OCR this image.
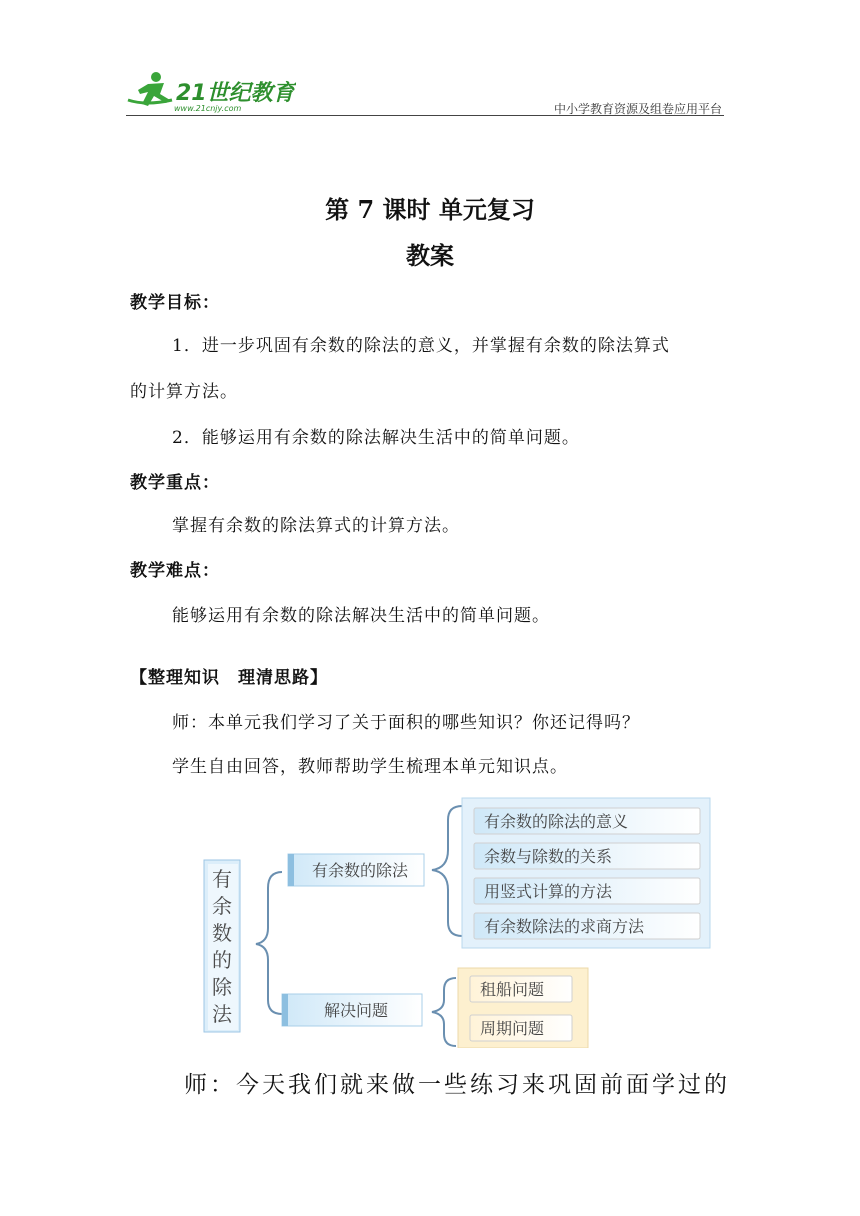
21世纪教育
www.21cnjy.com	中小学教育资源及组卷应用平台
第 7 课时 单元复习
教案
教学目标：
1．进一步巩固有余数的除法的意义，并掌握有余数的除法算式
的计算方法。
2．能够运用有余数的除法解决生活中的简单问题。
教学重点：
掌握有余数的除法算式的计算方法。
教学难点：
能够运用有余数的除法解决生活中的简单问题。
【整理知识　理清思路】
师：本单元我们学习了关于面积的哪些知识？你还记得吗？
学生自由回答，教师帮助学生梳理本单元知识点。
有余数的除法
有余数的除法
有余数的除法的意义
余数与除数的关系
用竖式计算的方法
有余数除法的求商方法
解决问题
租船问题
周期问题
师：今天我们就来做一些练习来巩固前面学过的
